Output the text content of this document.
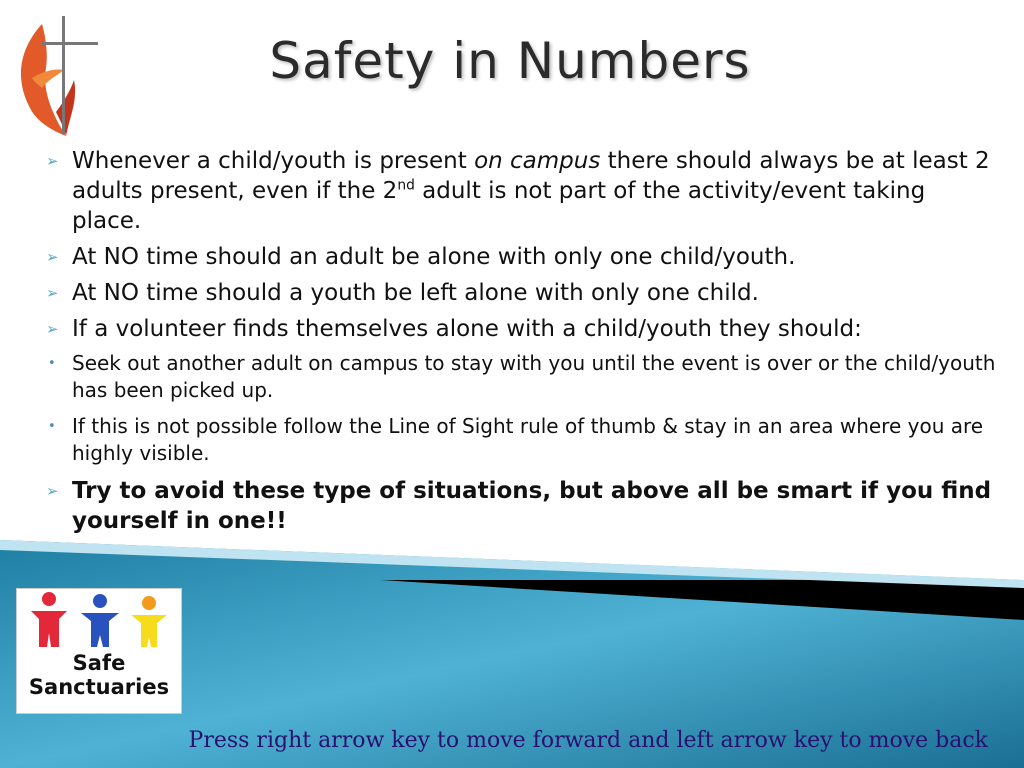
Safety in Numbers
➢ Whenever a child/youth is present on campus there should always be at least 2 adults present, even if the 2nd adult is not part of the activity/event taking place.
➢ At NO time should an adult be alone with only one child/youth.
➢ At NO time should a youth be left alone with only one child.
➢ If a volunteer finds themselves alone with a child/youth they should:
• Seek out another adult on campus to stay with you until the event is over or the child/youth has been picked up.
• If this is not possible follow the Line of Sight rule of thumb & stay in an area where you are highly visible.
➢ Try to avoid these type of situations, but above all be smart if you find yourself in one!!
Safe
Sanctuaries
Press right arrow key to move forward and left arrow key to move back
